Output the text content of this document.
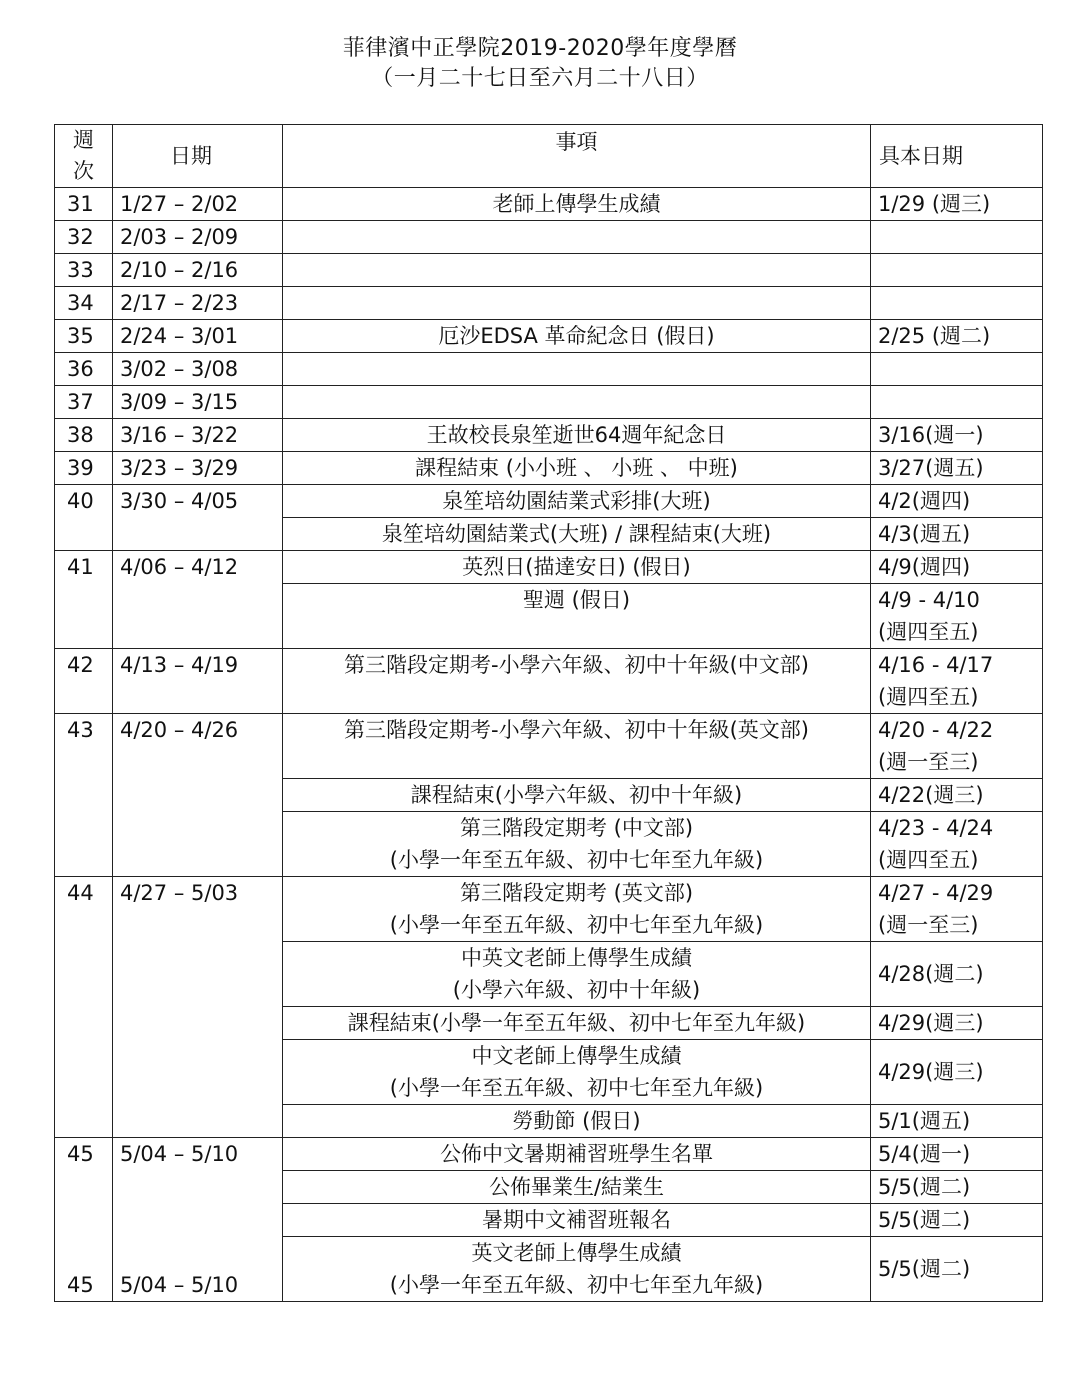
菲律濱中正學院2019-2020學年度學曆
（一月二十七日至六月二十八日）
週
次	日期	事項	具本日期
31	1/27 – 2/02	老師上傳學生成績	1/29 (週三)
32	2/03 – 2/09		
33	2/10 – 2/16		
34	2/17 – 2/23		
35	2/24 – 3/01	厄沙EDSA 革命紀念日 (假日)	2/25 (週二)
36	3/02 – 3/08		
37	3/09 – 3/15		
38	3/16 – 3/22	王故校長泉笙逝世64週年紀念日	3/16(週一)
39	3/23 – 3/29	課程結束 (小小班 、 小班 、 中班)	3/27(週五)
40	3/30 – 4/05	泉笙培幼園結業式彩排(大班)	4/2(週四)
		泉笙培幼園結業式(大班) / 課程結束(大班)	4/3(週五)
41	4/06 – 4/12	英烈日(描達安日) (假日)	4/9(週四)
		聖週 (假日)	4/9 - 4/10
(週四至五)

42	4/13 – 4/19	第三階段定期考-小學六年級、初中十年級(中文部)	4/16 - 4/17
(週四至五)

43	4/20 – 4/26	第三階段定期考-小學六年級、初中十年級(英文部)	4/20 - 4/22
(週一至三)

		課程結束(小學六年級、初中十年級)	4/22(週三)

		第三階段定期考 (中文部)
(小學一年至五年級、初中七年至九年級)	4/23 - 4/24
(週四至五)

44	4/27 – 5/03	第三階段定期考 (英文部)
(小學一年至五年級、初中七年至九年級)	4/27 - 4/29
(週一至三)

		中英文老師上傳學生成績
(小學六年級、初中十年級)	4/28(週二)
		課程結束(小學一年至五年級、初中七年至九年級)	4/29(週三)

		中文老師上傳學生成績
(小學一年至五年級、初中七年至九年級)	4/29(週三)
		勞動節 (假日)	5/1(週五)
45	5/04 – 5/10	公佈中文暑期補習班學生名單	5/4(週一)
		公佈畢業生/結業生	5/5(週二)
		暑期中文補習班報名	5/5(週二)
45	5/04 – 5/10	英文老師上傳學生成績
(小學一年至五年級、初中七年至九年級)	5/5(週二)
